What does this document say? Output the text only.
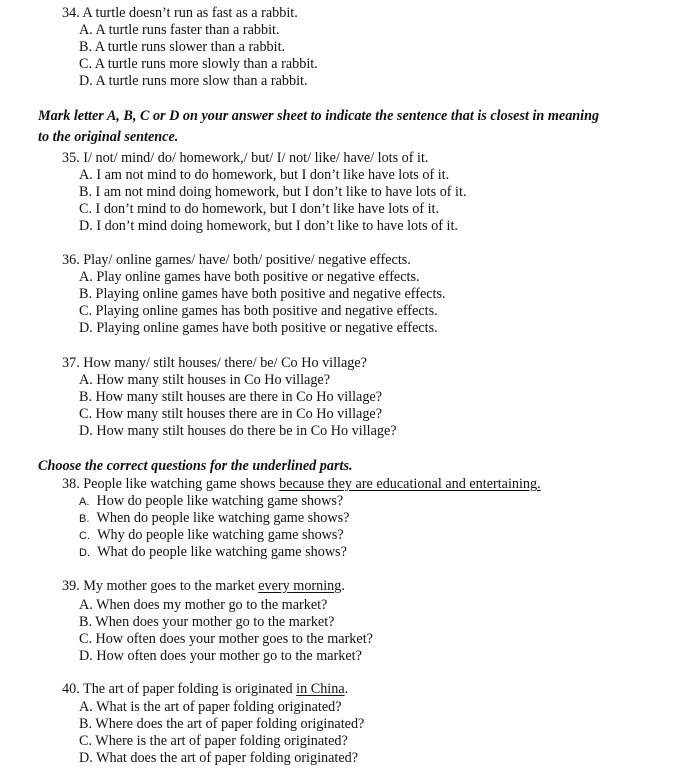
34. A turtle doesn’t run as fast as a rabbit.
A. A turtle runs faster than a rabbit.
B. A turtle runs slower than a rabbit.
C. A turtle runs more slowly than a rabbit.
D. A turtle runs more slow than a rabbit.
Mark letter A, B, C or D on your answer sheet to indicate the sentence that is closest in meaning
to the original sentence.
35. I/ not/ mind/ do/ homework,/ but/ I/ not/ like/ have/ lots of it.
A. I am not mind to do homework, but I don’t like have lots of it.
B. I am not mind doing homework, but I don’t like to have lots of it.
C. I don’t mind to do homework, but I don’t like have lots of it.
D. I don’t mind doing homework, but I don’t like to have lots of it.
36. Play/ online games/ have/ both/ positive/ negative effects.
A. Play online games have both positive or negative effects.
B. Playing online games have both positive and negative effects.
C. Playing online games has both positive and negative effects.
D. Playing online games have both positive or negative effects.
37. How many/ stilt houses/ there/ be/ Co Ho village?
A. How many stilt houses in Co Ho village?
B. How many stilt houses are there in Co Ho village?
C. How many stilt houses there are in Co Ho village?
D. How many stilt houses do there be in Co Ho village?
Choose the correct questions for the underlined parts.
38. People like watching game shows because they are educational and entertaining.
A. How do people like watching game shows?
B. When do people like watching game shows?
C. Why do people like watching game shows?
D. What do people like watching game shows?
39. My mother goes to the market every morning.
A. When does my mother go to the market?
B. When does your mother go to the market?
C. How often does your mother goes to the market?
D. How often does your mother go to the market?
40. The art of paper folding is originated in China.
A. What is the art of paper folding originated?
B. Where does the art of paper folding originated?
C. Where is the art of paper folding originated?
D. What does the art of paper folding originated?
